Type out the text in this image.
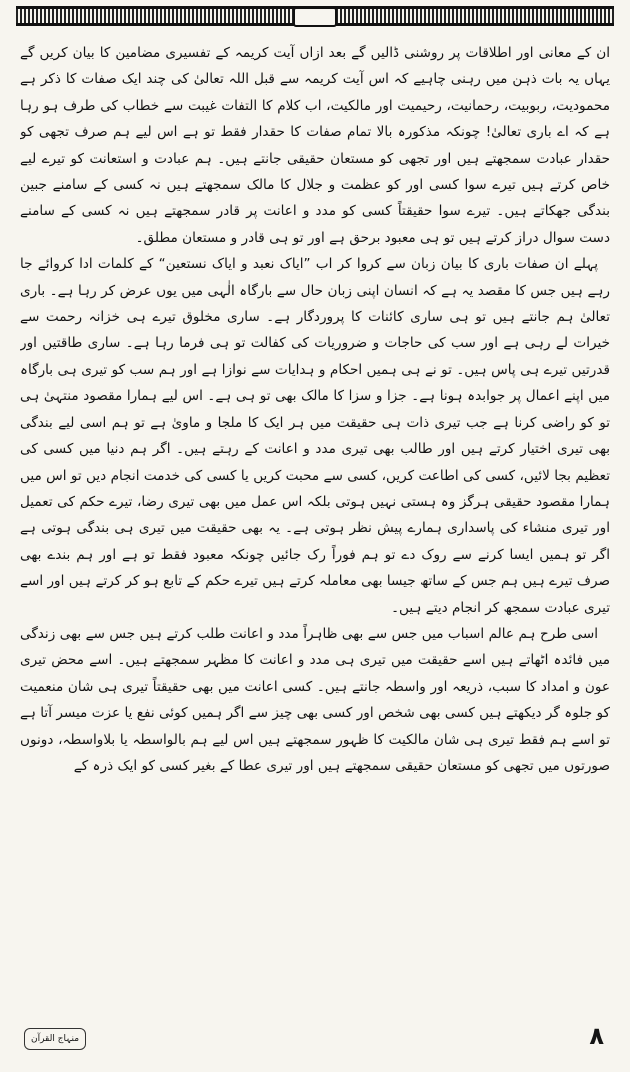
ان کے معانی اور اطلاقات پر روشنی ڈالیں گے بعد ازاں آیت کریمہ کے تفسیری مضامین کا بیان کریں گے یہاں یہ بات ذہن میں رہنی چاہیے کہ اس آیت کریمہ سے قبل اللہ تعالیٰ کی چند ایک صفات کا ذکر ہے محمودیت، ربوبیت، رحمانیت، رحیمیت اور مالکیت، اب کلام کا التفات غیبت سے خطاب کی طرف ہو رہا ہے کہ اے باری تعالیٰ! چونکہ مذکورہ بالا تمام صفات کا حقدار فقط تو ہے اس لیے ہم صرف تجھی کو حقدار عبادت سمجھتے ہیں اور تجھی کو مستعان حقیقی جانتے ہیں۔ ہم عبادت و استعانت کو تیرے لیے خاص کرتے ہیں تیرے سوا کسی اور کو عظمت و جلال کا مالک سمجھتے ہیں نہ کسی کے سامنے جبین بندگی جھکاتے ہیں۔ تیرے سوا حقیقتاً کسی کو مدد و اعانت پر قادر سمجھتے ہیں نہ کسی کے سامنے دست سوال دراز کرتے ہیں تو ہی معبود برحق ہے اور تو ہی قادر و مستعان مطلق۔

پہلے ان صفات باری کا بیان زبان سے کروا کر اب ”ایاک نعبد و ایاک نستعین“ کے کلمات ادا کروائے جا رہے ہیں جس کا مقصد یہ ہے کہ انسان اپنی زبان حال سے بارگاہ الٰہی میں یوں عرض کر رہا ہے۔ باری تعالیٰ ہم جانتے ہیں تو ہی ساری کائنات کا پروردگار ہے۔ ساری مخلوق تیرے ہی خزانہ رحمت سے خیرات لے رہی ہے اور سب کی حاجات و ضروریات کی کفالت تو ہی فرما رہا ہے۔ ساری طاقتیں اور قدرتیں تیرے ہی پاس ہیں۔ تو نے ہی ہمیں احکام و ہدایات سے نوازا ہے اور ہم سب کو تیری ہی بارگاہ میں اپنے اعمال پر جوابدہ ہونا ہے۔ جزا و سزا کا مالک بھی تو ہی ہے۔ اس لیے ہمارا مقصود منتہیٰ ہی تو کو راضی کرنا ہے جب تیری ذات ہی حقیقت میں ہر ایک کا ملجا و ماویٰ ہے تو ہم اسی لیے بندگی بھی تیری اختیار کرتے ہیں اور طالب بھی تیری مدد و اعانت کے رہتے ہیں۔ اگر ہم دنیا میں کسی کی تعظیم بجا لائیں، کسی کی اطاعت کریں، کسی سے محبت کریں یا کسی کی خدمت انجام دیں تو اس میں ہمارا مقصود حقیقی ہرگز وہ ہستی نہیں ہوتی بلکہ اس عمل میں بھی تیری رضا، تیرے حکم کی تعمیل اور تیری منشاء کی پاسداری ہمارے پیش نظر ہوتی ہے۔ یہ بھی حقیقت میں تیری ہی بندگی ہوتی ہے اگر تو ہمیں ایسا کرنے سے روک دے تو ہم فوراً رک جائیں چونکہ معبود فقط تو ہے اور ہم بندے بھی صرف تیرے ہیں ہم جس کے ساتھ جیسا بھی معاملہ کرتے ہیں تیرے حکم کے تابع ہو کر کرتے ہیں اور اسے تیری عبادت سمجھ کر انجام دیتے ہیں۔

اسی طرح ہم عالم اسباب میں جس سے بھی ظاہراً مدد و اعانت طلب کرتے ہیں جس سے بھی زندگی میں فائدہ اٹھاتے ہیں اسے حقیقت میں تیری ہی مدد و اعانت کا مظہر سمجھتے ہیں۔ اسے محض تیری عون و امداد کا سبب، ذریعہ اور واسطہ جانتے ہیں۔ کسی اعانت میں بھی حقیقتاً تیری ہی شان منعمیت کو جلوہ گر دیکھتے ہیں کسی بھی شخص اور کسی بھی چیز سے اگر ہمیں کوئی نفع یا عزت میسر آتا ہے تو اسے ہم فقط تیری ہی شان مالکیت کا ظہور سمجھتے ہیں اس لیے ہم بالواسطہ یا بلاواسطہ، دونوں صورتوں میں تجھی کو مستعان حقیقی سمجھتے ہیں اور تیری عطا کے بغیر کسی کو ایک ذرہ کے

۸
منہاج القرآن
